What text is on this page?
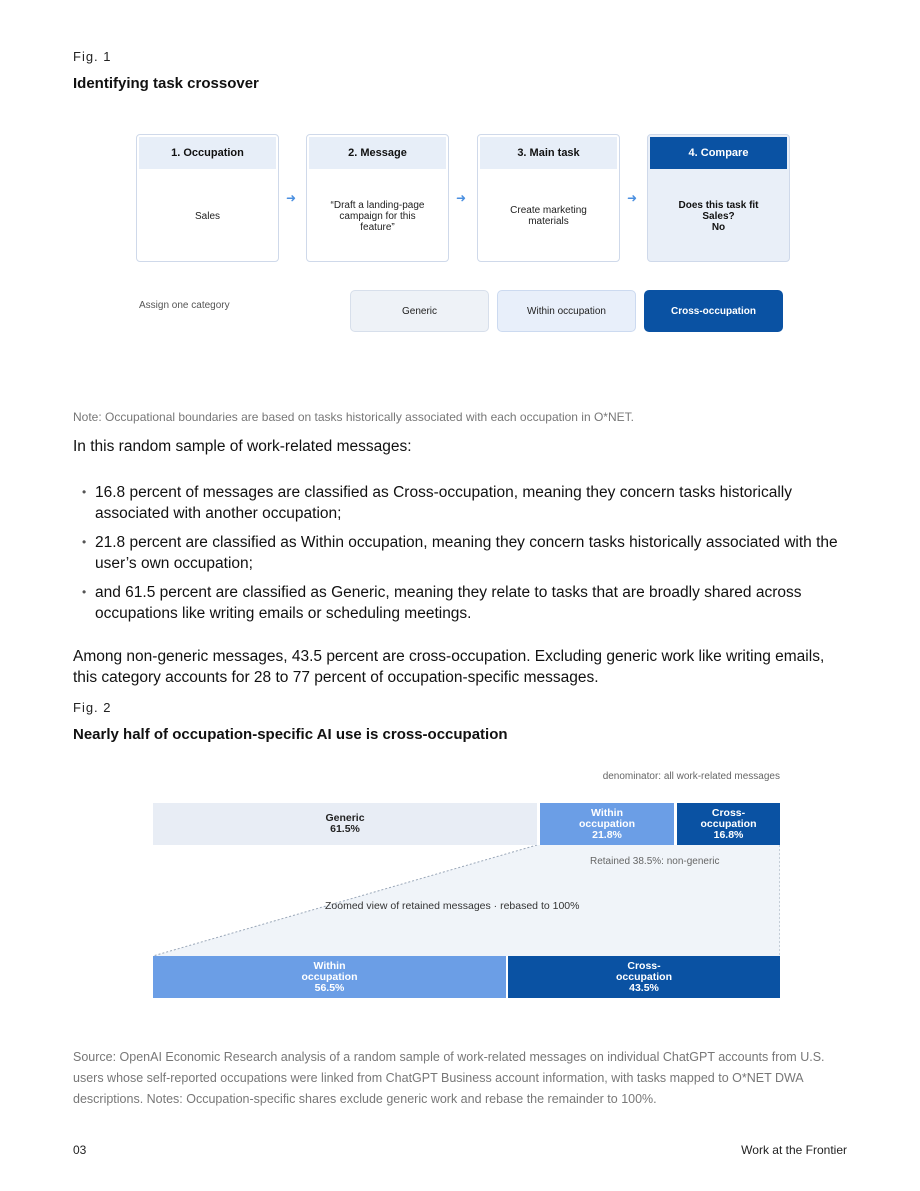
Fig. 1
Identifying task crossover
1. Occupation
Sales
➜
2. Message
“Draft a landing-page campaign for this feature”
➜
3. Main task
Create marketing materials
➜
4. Compare
Does this task fit
Sales?
No
Assign one category	Generic	Within occupation	Cross-occupation
Note: Occupational boundaries are based on tasks historically associated with each occupation in O*NET.
In this random sample of work-related messages:
• 16.8 percent of messages are classified as Cross-occupation, meaning they concern tasks historically associated with another occupation;
• 21.8 percent are classified as Within occupation, meaning they concern tasks historically associated with the user’s own occupation;
• and 61.5 percent are classified as Generic, meaning they relate to tasks that are broadly shared across occupations like writing emails or scheduling meetings.
Among non-generic messages, 43.5 percent are cross-occupation. Excluding generic work like writing emails, this category accounts for 28 to 77 percent of occupation-specific messages.
Fig. 2
Nearly half of occupation-specific AI use is cross-occupation
denominator: all work-related messages
Generic
61.5%
Within
occupation
21.8%
Cross-
occupation
16.8%
Retained 38.5%: non-generic
Zoomed view of retained messages · rebased to 100%
Within
occupation
56.5%
Cross-
occupation
43.5%
Source: OpenAI Economic Research analysis of a random sample of work-related messages on individual ChatGPT accounts from U.S. users whose self-reported occupations were linked from ChatGPT Business account information, with tasks mapped to O*NET DWA descriptions. Notes: Occupation-specific shares exclude generic work and rebase the remainder to 100%.
03	Work at the Frontier
